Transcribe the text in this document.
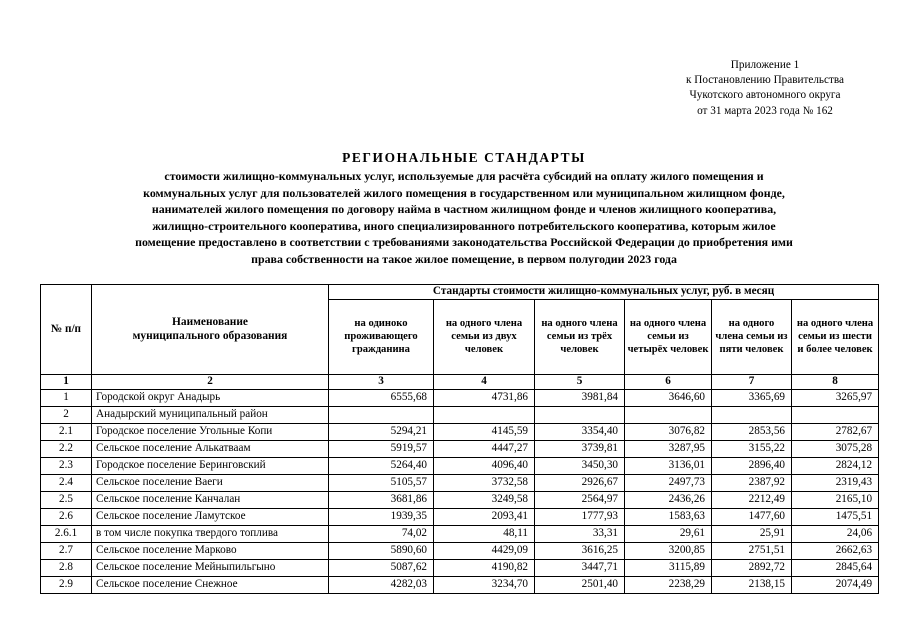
Приложение 1
к Постановлению Правительства
Чукотского автономного округа
от 31 марта 2023 года № 162
РЕГИОНАЛЬНЫЕ СТАНДАРТЫ
стоимости жилищно-коммунальных услуг, используемые для расчёта субсидий на оплату жилого помещения и
коммунальных услуг для пользователей жилого помещения в государственном или муниципальном жилищном фонде,
нанимателей жилого помещения по договору найма в частном жилищном фонде и членов жилищного кооператива,
жилищно-строительного кооператива, иного специализированного потребительского кооператива, которым жилое
помещение предоставлено в соответствии с требованиями законодательства Российской Федерации до приобретения ими
права собственности на такое жилое помещение, в первом полугодии 2023 года
№ п/п	Наименование муниципального образования	Стандарты стоимости жилищно-коммунальных услуг, руб. в месяц					
		на одиноко проживающего гражданина	на одного члена семьи из двух человек	на одного члена семьи из трёх человек	на одного члена семьи из четырёх человек	на одного члена семьи из пяти человек	на одного члена семьи из шести и более человек
1	2	3	4	5	6	7	8
1	Городской округ Анадырь	6555,68	4731,86	3981,84	3646,60	3365,69	3265,97
2	Анадырский муниципальный район						
2.1	Городское поселение Угольные Копи	5294,21	4145,59	3354,40	3076,82	2853,56	2782,67
2.2	Сельское поселение Алькатваам	5919,57	4447,27	3739,81	3287,95	3155,22	3075,28
2.3	Городское поселение Беринговский	5264,40	4096,40	3450,30	3136,01	2896,40	2824,12
2.4	Сельское поселение Ваеги	5105,57	3732,58	2926,67	2497,73	2387,92	2319,43
2.5	Сельское поселение Канчалан	3681,86	3249,58	2564,97	2436,26	2212,49	2165,10
2.6	Сельское поселение Ламутское	1939,35	2093,41	1777,93	1583,63	1477,60	1475,51
2.6.1	в том числе покупка твердого топлива	74,02	48,11	33,31	29,61	25,91	24,06
2.7	Сельское поселение Марково	5890,60	4429,09	3616,25	3200,85	2751,51	2662,63
2.8	Сельское поселение Мейныпильгыно	5087,62	4190,82	3447,71	3115,89	2892,72	2845,64
2.9	Сельское поселение Снежное	4282,03	3234,70	2501,40	2238,29	2138,15	2074,49
